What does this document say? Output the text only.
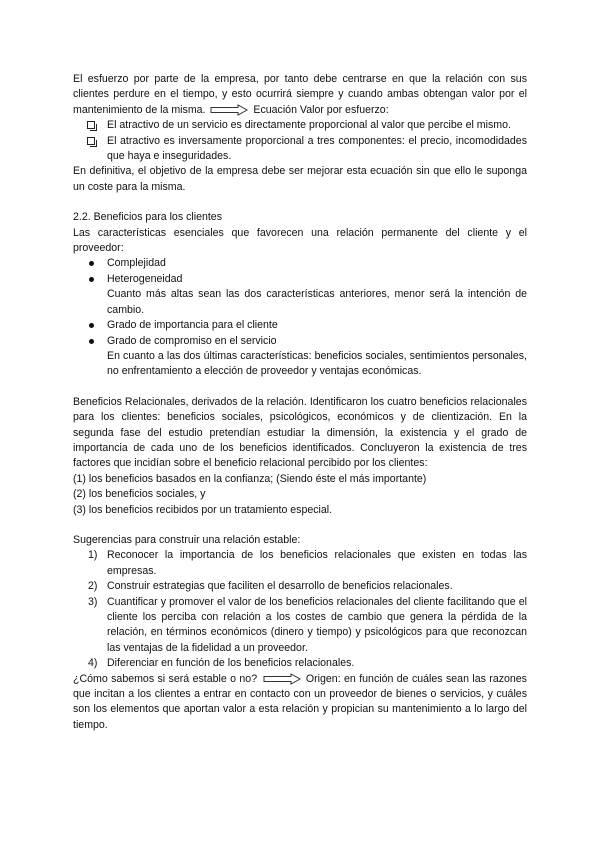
El esfuerzo por parte de la empresa, por tanto debe centrarse en que la relación con sus clientes perdure en el tiempo, y esto ocurrirá siempre y cuando ambas obtengan valor por el mantenimiento de la misma.	Ecuación Valor por esfuerzo:

El atractivo de un servicio es directamente proporcional al valor que percibe el mismo.
El atractivo es inversamente proporcional a tres componentes: el precio, incomodidades que haya e inseguridades.

En definitiva, el objetivo de la empresa debe ser mejorar esta ecuación sin que ello le suponga un coste para la misma.

2.2. Beneficios para los clientes

Las características esenciales que favorecen una relación permanente del cliente y el proveedor:

Complejidad
Heterogeneidad
Cuanto más altas sean las dos características anteriores, menor será la intención de cambio.
Grado de importancia para el cliente
Grado de compromiso en el servicio
En cuanto a las dos últimas características: beneficios sociales, sentimientos personales, no enfrentamiento a elección de proveedor y ventajas económicas.

Beneficios Relacionales, derivados de la relación. Identificaron los cuatro beneficios relacionales para los clientes: beneficios sociales, psicológicos, económicos y de clientización. En la segunda fase del estudio pretendían estudiar la dimensión, la existencia y el grado de importancia de cada uno de los beneficios identificados. Concluyeron la existencia de tres factores que incidían sobre el beneficio relacional percibido por los clientes:

(1) los beneficios basados en la confianza; (Siendo éste el más importante)

(2) los beneficios sociales, y

(3) los beneficios recibidos por un tratamiento especial.

Sugerencias para construir una relación estable:

1) Reconocer la importancia de los beneficios relacionales que existen en todas las empresas.
2) Construir estrategias que faciliten el desarrollo de beneficios relacionales.
3) Cuantificar y promover el valor de los beneficios relacionales del cliente facilitando que el cliente los perciba con relación a los costes de cambio que genera la pérdida de la relación, en términos económicos (dinero y tiempo) y psicológicos para que reconozcan las ventajas de la fidelidad a un proveedor.
4) Diferenciar en función de los beneficios relacionales.

¿Cómo sabemos si será estable o no?	Origen: en función de cuáles sean las razones que incitan a los clientes a entrar en contacto con un proveedor de bienes o servicios, y cuáles son los elementos que aportan valor a esta relación y propician su mantenimiento a lo largo del tiempo.
